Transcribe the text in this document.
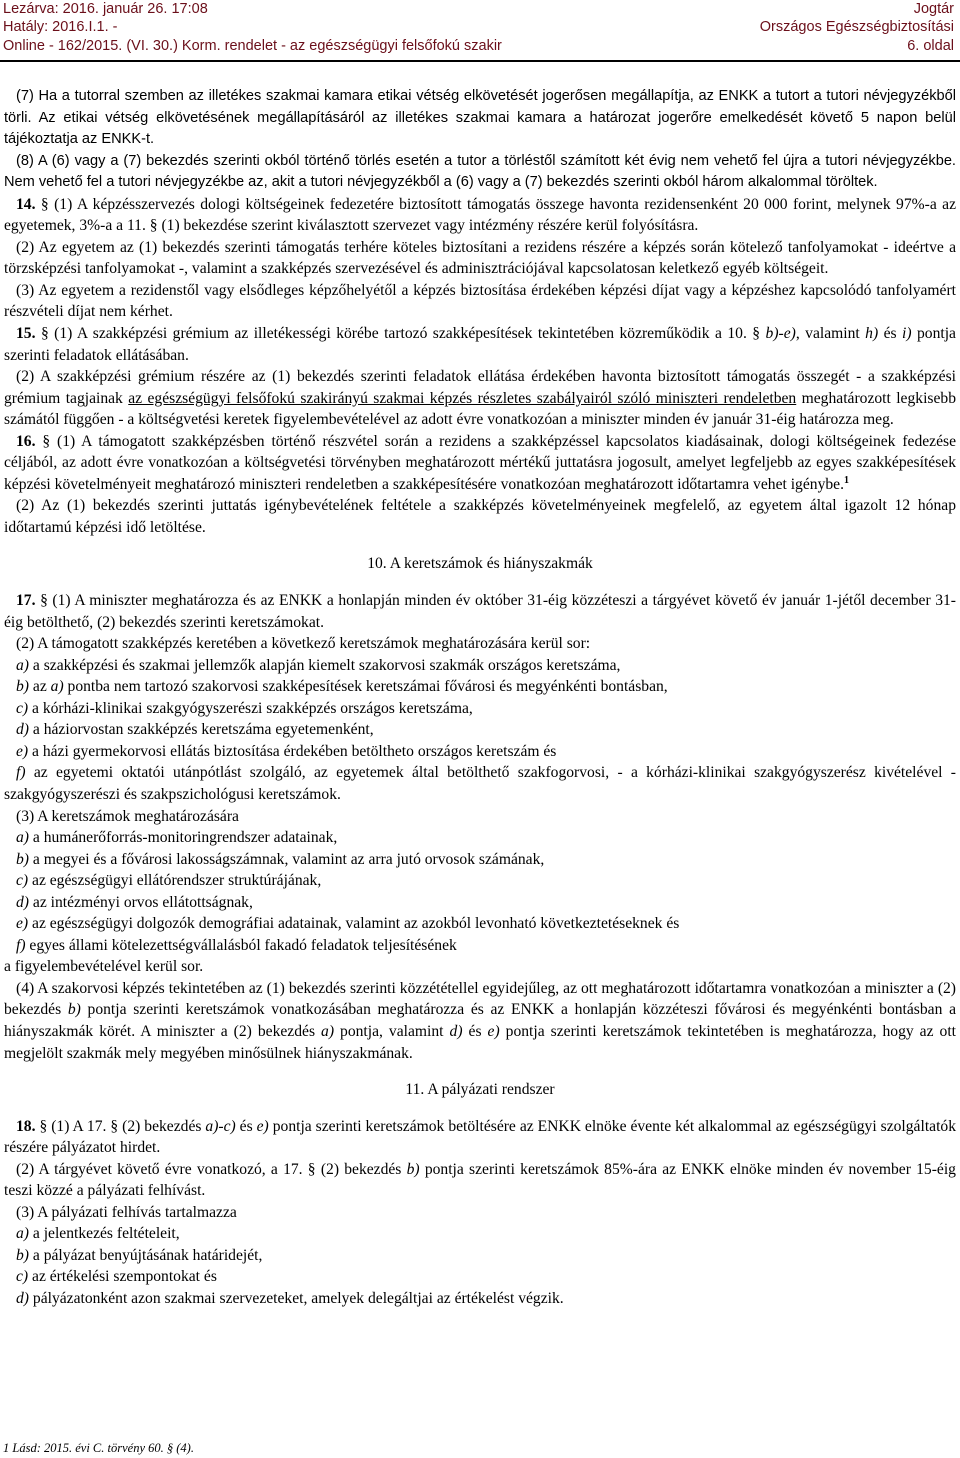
Lezárva: 2016. január 26. 17:08
Hatály: 2016.I.1. -
Online - 162/2015. (VI. 30.) Korm. rendelet - az egészségügyi felsőfokú szakir
Jogtár
Országos Egészségbiztosítási
6. oldal

(7) Ha a tutorral szemben az illetékes szakmai kamara etikai vétség elkövetését jogerősen megállapítja, az ENKK a tutort a tutori névjegyzékből törli. Az etikai vétség elkövetésének megállapításáról az illetékes szakmai kamara a határozat jogerőre emelkedését követő 5 napon belül tájékoztatja az ENKK-t.

(8) A (6) vagy a (7) bekezdés szerinti okból történő törlés esetén a tutor a törléstől számított két évig nem vehető fel újra a tutori névjegyzékbe. Nem vehető fel a tutori névjegyzékbe az, akit a tutori névjegyzékből a (6) vagy a (7) bekezdés szerinti okból három alkalommal töröltek.

14. § (1) A képzésszervezés dologi költségeinek fedezetére biztosított támogatás összege havonta rezidensenként 20 000 forint, melynek 97%-a az egyetemek, 3%-a a 11. § (1) bekezdése szerint kiválasztott szervezet vagy intézmény részére kerül folyósításra.

(2) Az egyetem az (1) bekezdés szerinti támogatás terhére köteles biztosítani a rezidens részére a képzés során kötelező tanfolyamokat - ideértve a törzsképzési tanfolyamokat -, valamint a szakképzés szervezésével és adminisztrációjával kapcsolatosan keletkező egyéb költségeit.

(3) Az egyetem a rezidenstől vagy elsődleges képzőhelyétől a képzés biztosítása érdekében képzési díjat vagy a képzéshez kapcsolódó tanfolyamért részvételi díjat nem kérhet.

15. § (1) A szakképzési grémium az illetékességi körébe tartozó szakképesítések tekintetében közreműködik a 10. § b)-e), valamint h) és i) pontja szerinti feladatok ellátásában.

(2) A szakképzési grémium részére az (1) bekezdés szerinti feladatok ellátása érdekében havonta biztosított támogatás összegét - a szakképzési grémium tagjainak az egészségügyi felsőfokú szakirányú szakmai képzés részletes szabályairól szóló miniszteri rendeletben meghatározott legkisebb számától függően - a költségvetési keretek figyelembevételével az adott évre vonatkozóan a miniszter minden év január 31-éig határozza meg.

16. § (1) A támogatott szakképzésben történő részvétel során a rezidens a szakképzéssel kapcsolatos kiadásainak, dologi költségeinek fedezése céljából, az adott évre vonatkozóan a költségvetési törvényben meghatározott mértékű juttatásra jogosult, amelyet legfeljebb az egyes szakképesítések képzési követelményeit meghatározó miniszteri rendeletben a szakképesítésére vonatkozóan meghatározott időtartamra vehet igénybe.$^1$

(2) Az (1) bekezdés szerinti juttatás igénybevételének feltétele a szakképzés követelményeinek megfelelő, az egyetem által igazolt 12 hónap időtartamú képzési idő letöltése.

10. A keretszámok és hiányszakmák

17. § (1) A miniszter meghatározza és az ENKK a honlapján minden év október 31-éig közzéteszi a tárgyévet követő év január 1-jétől december 31-éig betölthető, (2) bekezdés szerinti keretszámokat.

(2) A támogatott szakképzés keretében a következő keretszámok meghatározására kerül sor:

a) a szakképzési és szakmai jellemzők alapján kiemelt szakorvosi szakmák országos keretszáma,

b) az a) pontba nem tartozó szakorvosi szakképesítések keretszámai fővárosi és megyénkénti bontásban,

c) a kórházi-klinikai szakgyógyszerészi szakképzés országos keretszáma,

d) a háziorvostan szakképzés keretszáma egyetemenként,

e) a házi gyermekorvosi ellátás biztosítása érdekében betöltheto országos keretszám és

f) az egyetemi oktatói utánpótlást szolgáló, az egyetemek által betölthető szakfogorvosi, - a kórházi-klinikai szakgyógyszerész kivételével - szakgyógyszerészi és szakpszichológusi keretszámok.

(3) A keretszámok meghatározására

a) a humánerőforrás-monitoringrendszer adatainak,

b) a megyei és a fővárosi lakosságszámnak, valamint az arra jutó orvosok számának,

c) az egészségügyi ellátórendszer struktúrájának,

d) az intézményi orvos ellátottságnak,

e) az egészségügyi dolgozók demográfiai adatainak, valamint az azokból levonható következtetéseknek és

f) egyes állami kötelezettségvállalásból fakadó feladatok teljesítésének

a figyelembevételével kerül sor.

(4) A szakorvosi képzés tekintetében az (1) bekezdés szerinti közzététellel egyidejűleg, az ott meghatározott időtartamra vonatkozóan a miniszter a (2) bekezdés b) pontja szerinti keretszámok vonatkozásában meghatározza és az ENKK a honlapján közzéteszi fővárosi és megyénkénti bontásban a hiányszakmák körét. A miniszter a (2) bekezdés a) pontja, valamint d) és e) pontja szerinti keretszámok tekintetében is meghatározza, hogy az ott megjelölt szakmák mely megyében minősülnek hiányszakmának.

11. A pályázati rendszer

18. § (1) A 17. § (2) bekezdés a)-c) és e) pontja szerinti keretszámok betöltésére az ENKK elnöke évente két alkalommal az egészségügyi szolgáltatók részére pályázatot hirdet.

(2) A tárgyévet követő évre vonatkozó, a 17. § (2) bekezdés b) pontja szerinti keretszámok 85%-ára az ENKK elnöke minden év november 15-éig teszi közzé a pályázati felhívást.

(3) A pályázati felhívás tartalmazza

a) a jelentkezés feltételeit,

b) a pályázat benyújtásának határidejét,

c) az értékelési szempontokat és

d) pályázatonként azon szakmai szervezeteket, amelyek delegáltjai az értékelést végzik.

1 Lásd: 2015. évi C. törvény 60. § (4).
